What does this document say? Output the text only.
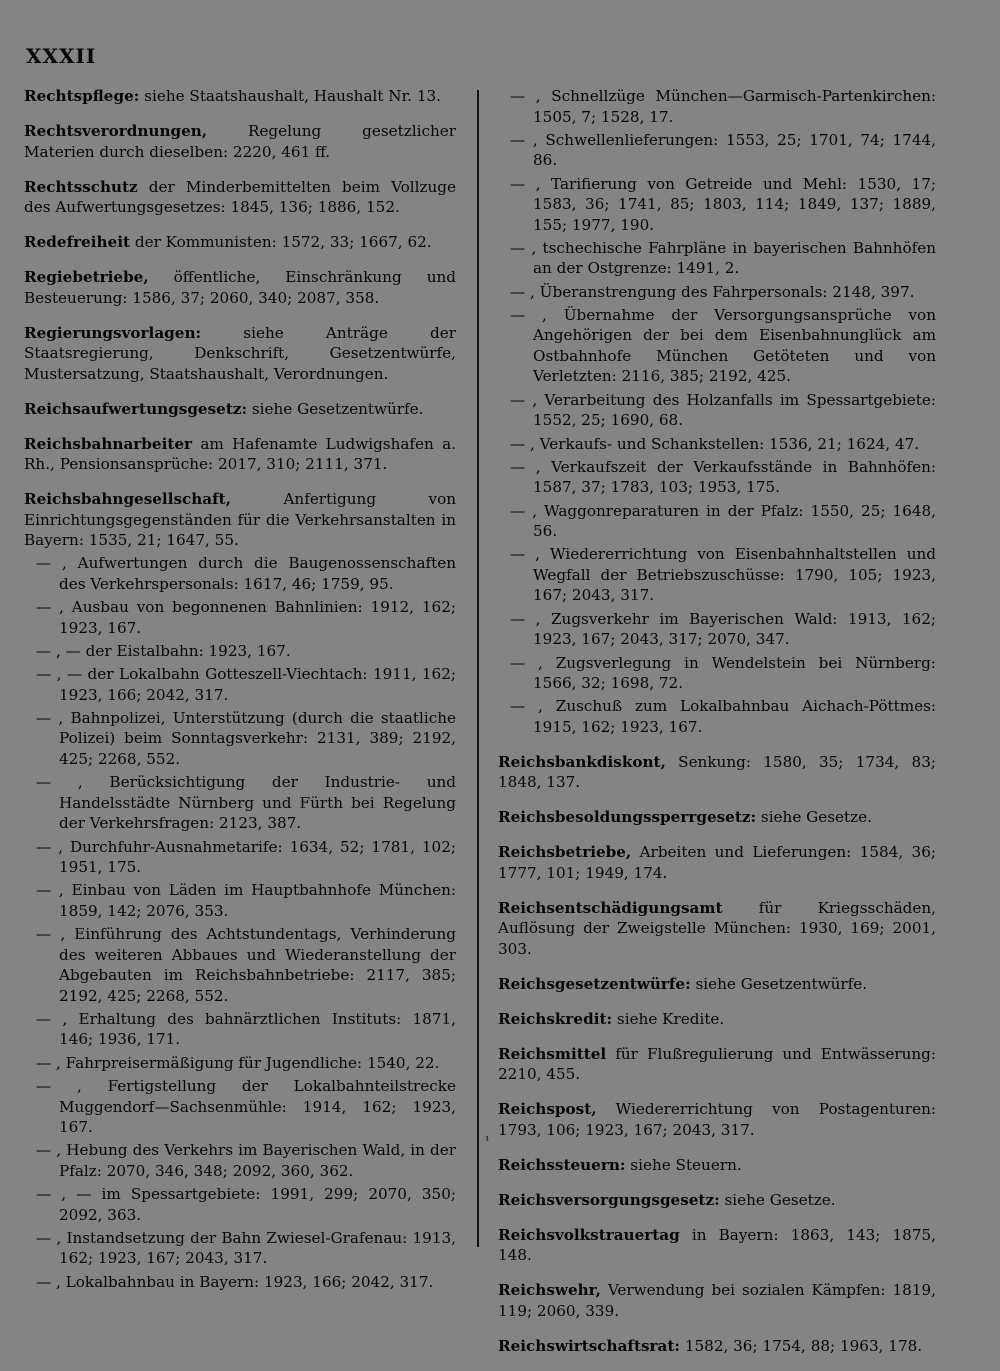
XXXII
Rechtspflege: siehe Staatshaushalt, Haushalt Nr. 13.
Rechtsverordnungen, Regelung gesetzlicher Materien durch dieselben: 2220, 461 ff.
Rechtsschutz der Minderbemittelten beim Vollzuge des Aufwertungsgesetzes: 1845, 136; 1886, 152.
Redefreiheit der Kommunisten: 1572, 33; 1667, 62.
Regiebetriebe, öffentliche, Einschränkung und Besteuerung: 1586, 37; 2060, 340; 2087, 358.
Regierungsvorlagen: siehe Anträge der Staatsregierung, Denkschrift, Gesetzentwürfe, Mustersatzung, Staatshaushalt, Verordnungen.
Reichsaufwertungsgesetz: siehe Gesetzentwürfe.
Reichsbahnarbeiter am Hafenamte Ludwigshafen a. Rh., Pensionsansprüche: 2017, 310; 2111, 371.
Reichsbahngesellschaft, Anfertigung von Einrichtungsgegenständen für die Verkehrsanstalten in Bayern: 1535, 21; 1647, 55.
— , Aufwertungen durch die Baugenossenschaften des Verkehrspersonals: 1617, 46; 1759, 95.
— , Ausbau von begonnenen Bahnlinien: 1912, 162; 1923, 167.
— , — der Eistalbahn: 1923, 167.
— , — der Lokalbahn Gotteszell-Viechtach: 1911, 162; 1923, 166; 2042, 317.
— , Bahnpolizei, Unterstützung (durch die staatliche Polizei) beim Sonntagsverkehr: 2131, 389; 2192, 425; 2268, 552.
— , Berücksichtigung der Industrie- und Handelsstädte Nürnberg und Fürth bei Regelung der Verkehrsfragen: 2123, 387.
— , Durchfuhr-Ausnahmetarife: 1634, 52; 1781, 102; 1951, 175.
— , Einbau von Läden im Hauptbahnhofe München: 1859, 142; 2076, 353.
— , Einführung des Achtstundentags, Verhinderung des weiteren Abbaues und Wiederanstellung der Abgebauten im Reichsbahnbetriebe: 2117, 385; 2192, 425; 2268, 552.
— , Erhaltung des bahnärztlichen Instituts: 1871, 146; 1936, 171.
— , Fahrpreisermäßigung für Jugendliche: 1540, 22.
— , Fertigstellung der Lokalbahnteilstrecke Muggendorf—Sachsenmühle: 1914, 162; 1923, 167.
— , Hebung des Verkehrs im Bayerischen Wald, in der Pfalz: 2070, 346, 348; 2092, 360, 362.
— , — im Spessartgebiete: 1991, 299; 2070, 350; 2092, 363.
— , Instandsetzung der Bahn Zwiesel-Grafenau: 1913, 162; 1923, 167; 2043, 317.
— , Lokalbahnbau in Bayern: 1923, 166; 2042, 317.
— , Schnellzüge München—Garmisch-Partenkirchen: 1505, 7; 1528, 17.
— , Schwellenlieferungen: 1553, 25; 1701, 74; 1744, 86.
— , Tarifierung von Getreide und Mehl: 1530, 17; 1583, 36; 1741, 85; 1803, 114; 1849, 137; 1889, 155; 1977, 190.
— , tschechische Fahrpläne in bayerischen Bahnhöfen an der Ostgrenze: 1491, 2.
— , Überanstrengung des Fahrpersonals: 2148, 397.
— , Übernahme der Versorgungsansprüche von Angehörigen der bei dem Eisenbahnunglück am Ostbahnhofe München Getöteten und von Verletzten: 2116, 385; 2192, 425.
— , Verarbeitung des Holzanfalls im Spessartgebiete: 1552, 25; 1690, 68.
— , Verkaufs- und Schankstellen: 1536, 21; 1624, 47.
— , Verkaufszeit der Verkaufsstände in Bahnhöfen: 1587, 37; 1783, 103; 1953, 175.
— , Waggonreparaturen in der Pfalz: 1550, 25; 1648, 56.
— , Wiedererrichtung von Eisenbahnhaltstellen und Wegfall der Betriebszuschüsse: 1790, 105; 1923, 167; 2043, 317.
— , Zugsverkehr im Bayerischen Wald: 1913, 162; 1923, 167; 2043, 317; 2070, 347.
— , Zugsverlegung in Wendelstein bei Nürnberg: 1566, 32; 1698, 72.
— , Zuschuß zum Lokalbahnbau Aichach-Pöttmes: 1915, 162; 1923, 167.
Reichsbankdiskont, Senkung: 1580, 35; 1734, 83; 1848, 137.
Reichsbesoldungssperrgesetz: siehe Gesetze.
Reichsbetriebe, Arbeiten und Lieferungen: 1584, 36; 1777, 101; 1949, 174.
Reichsentschädigungsamt für Kriegsschäden, Auflösung der Zweigstelle München: 1930, 169; 2001, 303.
Reichsgesetzentwürfe: siehe Gesetzentwürfe.
Reichskredit: siehe Kredite.
Reichsmittel für Flußregulierung und Entwässerung: 2210, 455.
Reichspost, Wiedererrichtung von Postagenturen: 1793, 106; 1923, 167; 2043, 317.
Reichssteuern: siehe Steuern.
Reichsversorgungsgesetz: siehe Gesetze.
Reichsvolkstrauertag in Bayern: 1863, 143; 1875, 148.
Reichswehr, Verwendung bei sozialen Kämpfen: 1819, 119; 2060, 339.
Reichswirtschaftsrat: 1582, 36; 1754, 88; 1963, 178.
¹
